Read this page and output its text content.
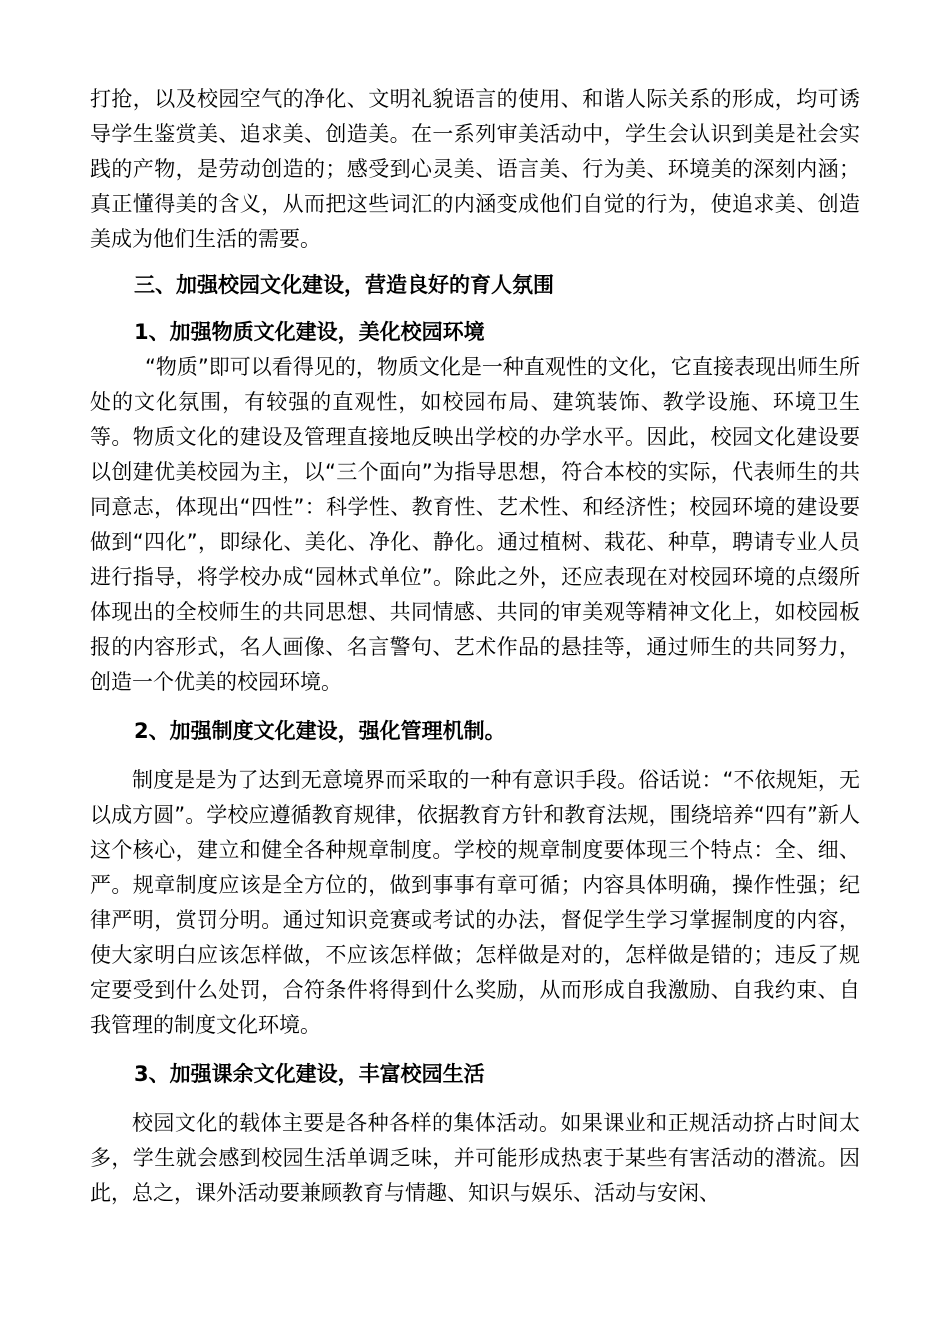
打抢，以及校园空气的净化、文明礼貌语言的使用、和谐人际关系的形成，均可诱导学生鉴赏美、追求美、创造美。在一系列审美活动中，学生会认识到美是社会实践的产物，是劳动创造的；感受到心灵美、语言美、行为美、环境美的深刻内涵；真正懂得美的含义，从而把这些词汇的内涵变成他们自觉的行为，使追求美、创造美成为他们生活的需要。

三、加强校园文化建设，营造良好的育人氛围

1、加强物质文化建设，美化校园环境

“物质”即可以看得见的，物质文化是一种直观性的文化，它直接表现出师生所处的文化氛围，有较强的直观性，如校园布局、建筑装饰、教学设施、环境卫生等。物质文化的建设及管理直接地反映出学校的办学水平。因此，校园文化建设要以创建优美校园为主，以“三个面向”为指导思想，符合本校的实际，代表师生的共同意志，体现出“四性”：科学性、教育性、艺术性、和经济性；校园环境的建设要做到“四化”，即绿化、美化、净化、静化。通过植树、栽花、种草，聘请专业人员进行指导，将学校办成“园林式单位”。除此之外，还应表现在对校园环境的点缀所体现出的全校师生的共同思想、共同情感、共同的审美观等精神文化上，如校园板报的内容形式，名人画像、名言警句、艺术作品的悬挂等，通过师生的共同努力，创造一个优美的校园环境。

2、加强制度文化建设，强化管理机制。

制度是是为了达到无意境界而采取的一种有意识手段。俗话说：“不依规矩，无以成方圆”。学校应遵循教育规律，依据教育方针和教育法规，围绕培养“四有”新人这个核心，建立和健全各种规章制度。学校的规章制度要体现三个特点：全、细、严。规章制度应该是全方位的，做到事事有章可循；内容具体明确，操作性强；纪律严明，赏罚分明。通过知识竞赛或考试的办法，督促学生学习掌握制度的内容，使大家明白应该怎样做，不应该怎样做；怎样做是对的，怎样做是错的；违反了规定要受到什么处罚，合符条件将得到什么奖励，从而形成自我激励、自我约束、自我管理的制度文化环境。

3、加强课余文化建设，丰富校园生活

校园文化的载体主要是各种各样的集体活动。如果课业和正规活动挤占时间太多，学生就会感到校园生活单调乏味，并可能形成热衷于某些有害活动的潜流。因此，总之，课外活动要兼顾教育与情趣、知识与娱乐、活动与安闲、
